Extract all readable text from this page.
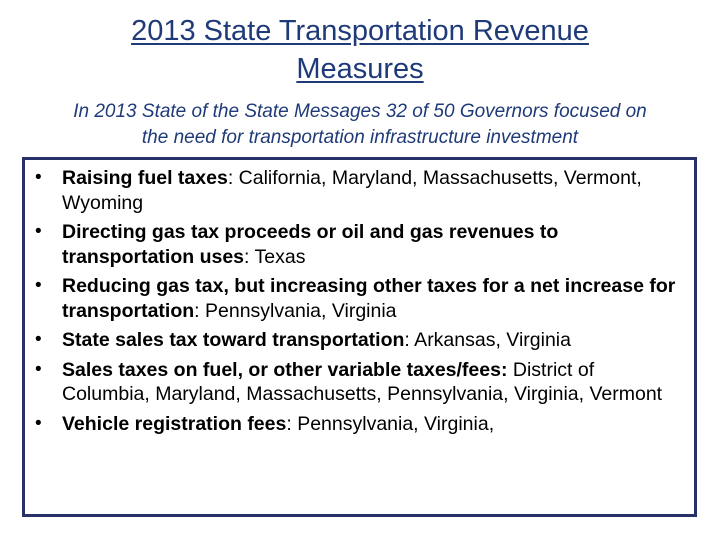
2013 State Transportation Revenue
Measures
In 2013 State of the State Messages 32 of 50 Governors focused on
the need for transportation infrastructure investment
• Raising fuel taxes: California, Maryland, Massachusetts, Vermont, Wyoming
• Directing gas tax proceeds or oil and gas revenues to transportation uses: Texas
• Reducing gas tax, but increasing other taxes for a net increase for transportation: Pennsylvania, Virginia
• State sales tax toward transportation: Arkansas, Virginia
• Sales taxes on fuel, or other variable taxes/fees: District of Columbia, Maryland, Massachusetts, Pennsylvania, Virginia, Vermont
• Vehicle registration fees: Pennsylvania, Virginia,
